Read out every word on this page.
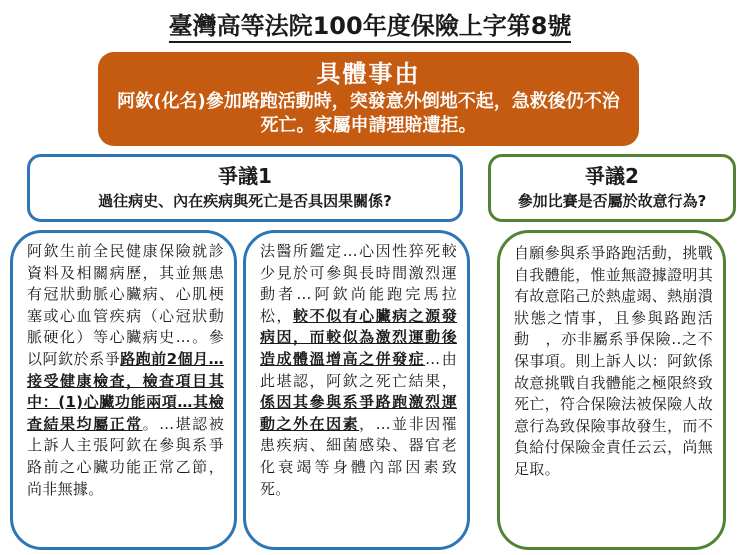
臺灣高等法院100年度保險上字第8號
具體事由
阿欽(化名)參加路跑活動時，突發意外倒地不起，急救後仍不治死亡。家屬申請理賠遭拒。
爭議1
過往病史、內在疾病與死亡是否具因果關係?
爭議2
參加比賽是否屬於故意行為?
阿欽生前全民健康保險就診資料及相關病歷，其並無患有冠狀動脈心臟病、心肌梗塞或心血管疾病（心冠狀動脈硬化）等心臟病史…。參以阿欽於系爭路跑前2個月…接受健康檢查，檢查項目其中：(1)心臟功能兩項…其檢查結果均屬正常。…堪認被上訴人主張阿欽在參與系爭路前之心臟功能正常乙節，尚非無據。
法醫所鑑定…心因性猝死較少見於可參與長時間激烈運動者…阿欽尚能跑完馬拉松，較不似有心臟病之源發病因，而較似為激烈運動後造成體溫增高之併發症…由此堪認，阿欽之死亡結果，係因其參與系爭路跑激烈運動之外在因素，…並非因罹患疾病、細菌感染、器官老化衰竭等身體內部因素致死。
自願參與系爭路跑活動，挑戰自我體能，惟並無證據證明其有故意陷己於熱虛竭、熱崩潰狀態之情事，且參與路跑活動　，亦非屬系爭保險..之不保事項。則上訴人以：阿欽係故意挑戰自我體能之極限終致死亡，符合保險法被保險人故意行為致保險事故發生，而不負給付保險金責任云云，尚無足取。
